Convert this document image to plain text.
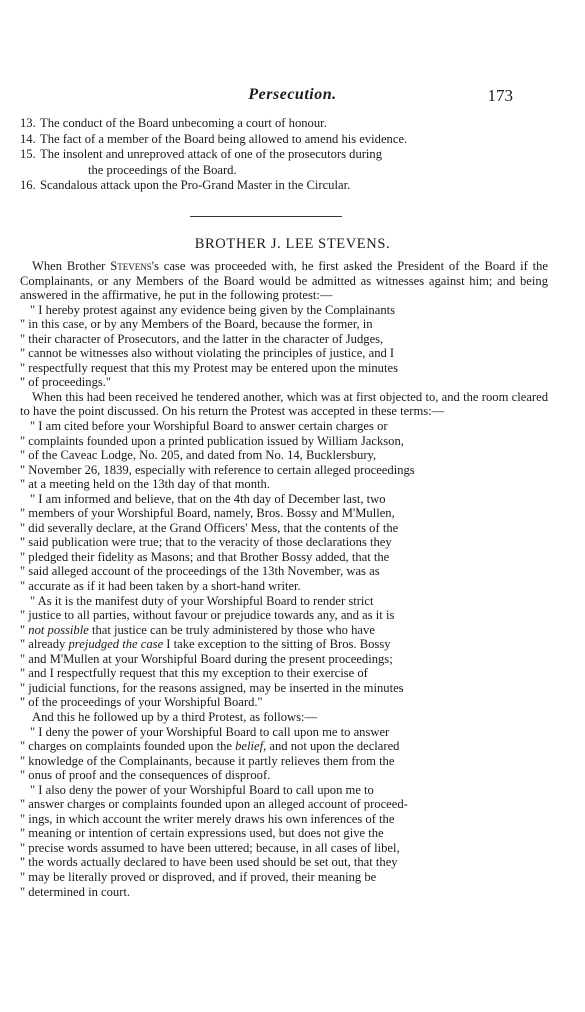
Persecution.	173
13. The conduct of the Board unbecoming a court of honour.
14. The fact of a member of the Board being allowed to amend his evidence.
15. The insolent and unreproved attack of one of the prosecutors during
the proceedings of the Board.
16. Scandalous attack upon the Pro-Grand Master in the Circular.
BROTHER J. LEE STEVENS.

When Brother Stevens's case was proceeded with, he first asked the President of the Board if the Complainants, or any Members of the Board would be admitted as witnesses against him; and being answered in the affirmative, he put in the following protest:—

" I hereby protest against any evidence being given by the Complainants
" in this case, or by any Members of the Board, because the former, in
" their character of Prosecutors, and the latter in the character of Judges,
" cannot be witnesses also without violating the principles of justice, and I
" respectfully request that this my Protest may be entered upon the minutes
" of proceedings."

When this had been received he tendered another, which was at first objected to, and the room cleared to have the point discussed. On his return the Protest was accepted in these terms:—

" I am cited before your Worshipful Board to answer certain charges or
" complaints founded upon a printed publication issued by William Jackson,
" of the Caveac Lodge, No. 205, and dated from No. 14, Bucklersbury,
" November 26, 1839, especially with reference to certain alleged proceedings
" at a meeting held on the 13th day of that month.

" I am informed and believe, that on the 4th day of December last, two
" members of your Worshipful Board, namely, Bros. Bossy and M'Mullen,
" did severally declare, at the Grand Officers' Mess, that the contents of the
" said publication were true; that to the veracity of those declarations they
" pledged their fidelity as Masons; and that Brother Bossy added, that the
" said alleged account of the proceedings of the 13th November, was as
" accurate as if it had been taken by a short-hand writer.

" As it is the manifest duty of your Worshipful Board to render strict
" justice to all parties, without favour or prejudice towards any, and as it is
" not possible that justice can be truly administered by those who have
" already prejudged the case I take exception to the sitting of Bros. Bossy
" and M'Mullen at your Worshipful Board during the present proceedings;
" and I respectfully request that this my exception to their exercise of
" judicial functions, for the reasons assigned, may be inserted in the minutes
" of the proceedings of your Worshipful Board."

And this he followed up by a third Protest, as follows:—

" I deny the power of your Worshipful Board to call upon me to answer
" charges on complaints founded upon the belief, and not upon the declared
" knowledge of the Complainants, because it partly relieves them from the
" onus of proof and the consequences of disproof.

" I also deny the power of your Worshipful Board to call upon me to
" answer charges or complaints founded upon an alleged account of proceed-
" ings, in which account the writer merely draws his own inferences of the
" meaning or intention of certain expressions used, but does not give the
" precise words assumed to have been uttered; because, in all cases of libel,
" the words actually declared to have been used should be set out, that they
" may be literally proved or disproved, and if proved, their meaning be
" determined in court.
